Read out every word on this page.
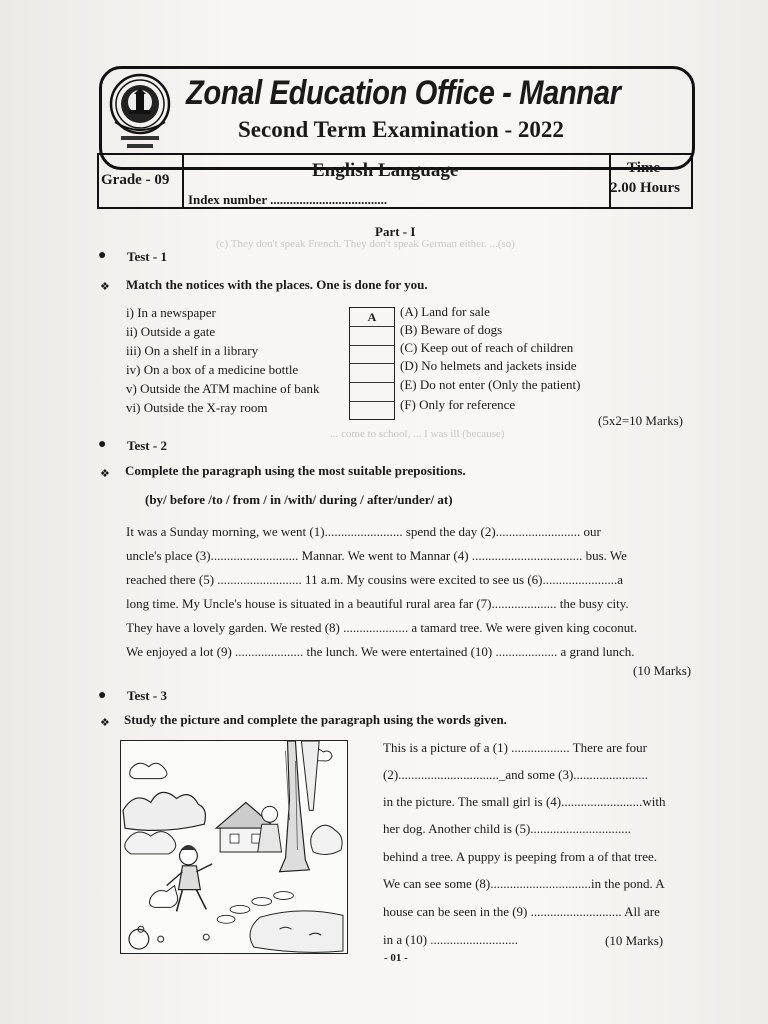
Zonal Education Office - Mannar
Second Term Examination - 2022
Grade - 09	English Language
Index number ....................................
Time -
2.00 Hours
(c) They don't speak French. They don't speak German either. ...(so)
... come to school, ... I was ill (because)
Part - I
● Test - 1
❖ Match the notices with the places. One is done for you.
i) In a newspaper
ii) Outside a gate
iii) On a shelf in a library
iv) On a box of a medicine bottle
v) Outside the ATM machine of bank
vi) Outside the X-ray room
A	(A) Land for sale
(B) Beware of dogs
(C) Keep out of reach of children
(D) No helmets and jackets inside
(E) Do not enter (Only the patient)
(F) Only for reference
(5x2=10 Marks)
● Test - 2
❖ Complete the paragraph using the most suitable prepositions.
(by/ before /to / from / in /with/ during / after/under/ at)
It was a Sunday morning, we went (1)........................ spend the day (2).......................... our
uncle's place (3)........................... Mannar. We went to Mannar (4) .................................. bus. We
reached there (5) .......................... 11 a.m. My cousins were excited to see us (6).......................a
long time. My Uncle's house is situated in a beautiful rural area far (7).................... the busy city.
They have a lovely garden. We rested (8) .................... a tamard tree. We were given king coconut.
We enjoyed a lot (9) ..................... the lunch. We were entertained (10) ................... a grand lunch.
(10 Marks)
● Test - 3
❖ Study the picture and complete the paragraph using the words given.
This is a picture of a (1) .................. There are four
(2)..............................._and some (3).......................
in the picture. The small girl is (4).........................with
her dog. Another child is (5)...............................
behind a tree. A puppy is peeping from a of that tree.
We can see some (8)...............................in the pond. A
house can be seen in the (9) ............................ All are
in a (10) ...........................	(10 Marks)
- 01 -
